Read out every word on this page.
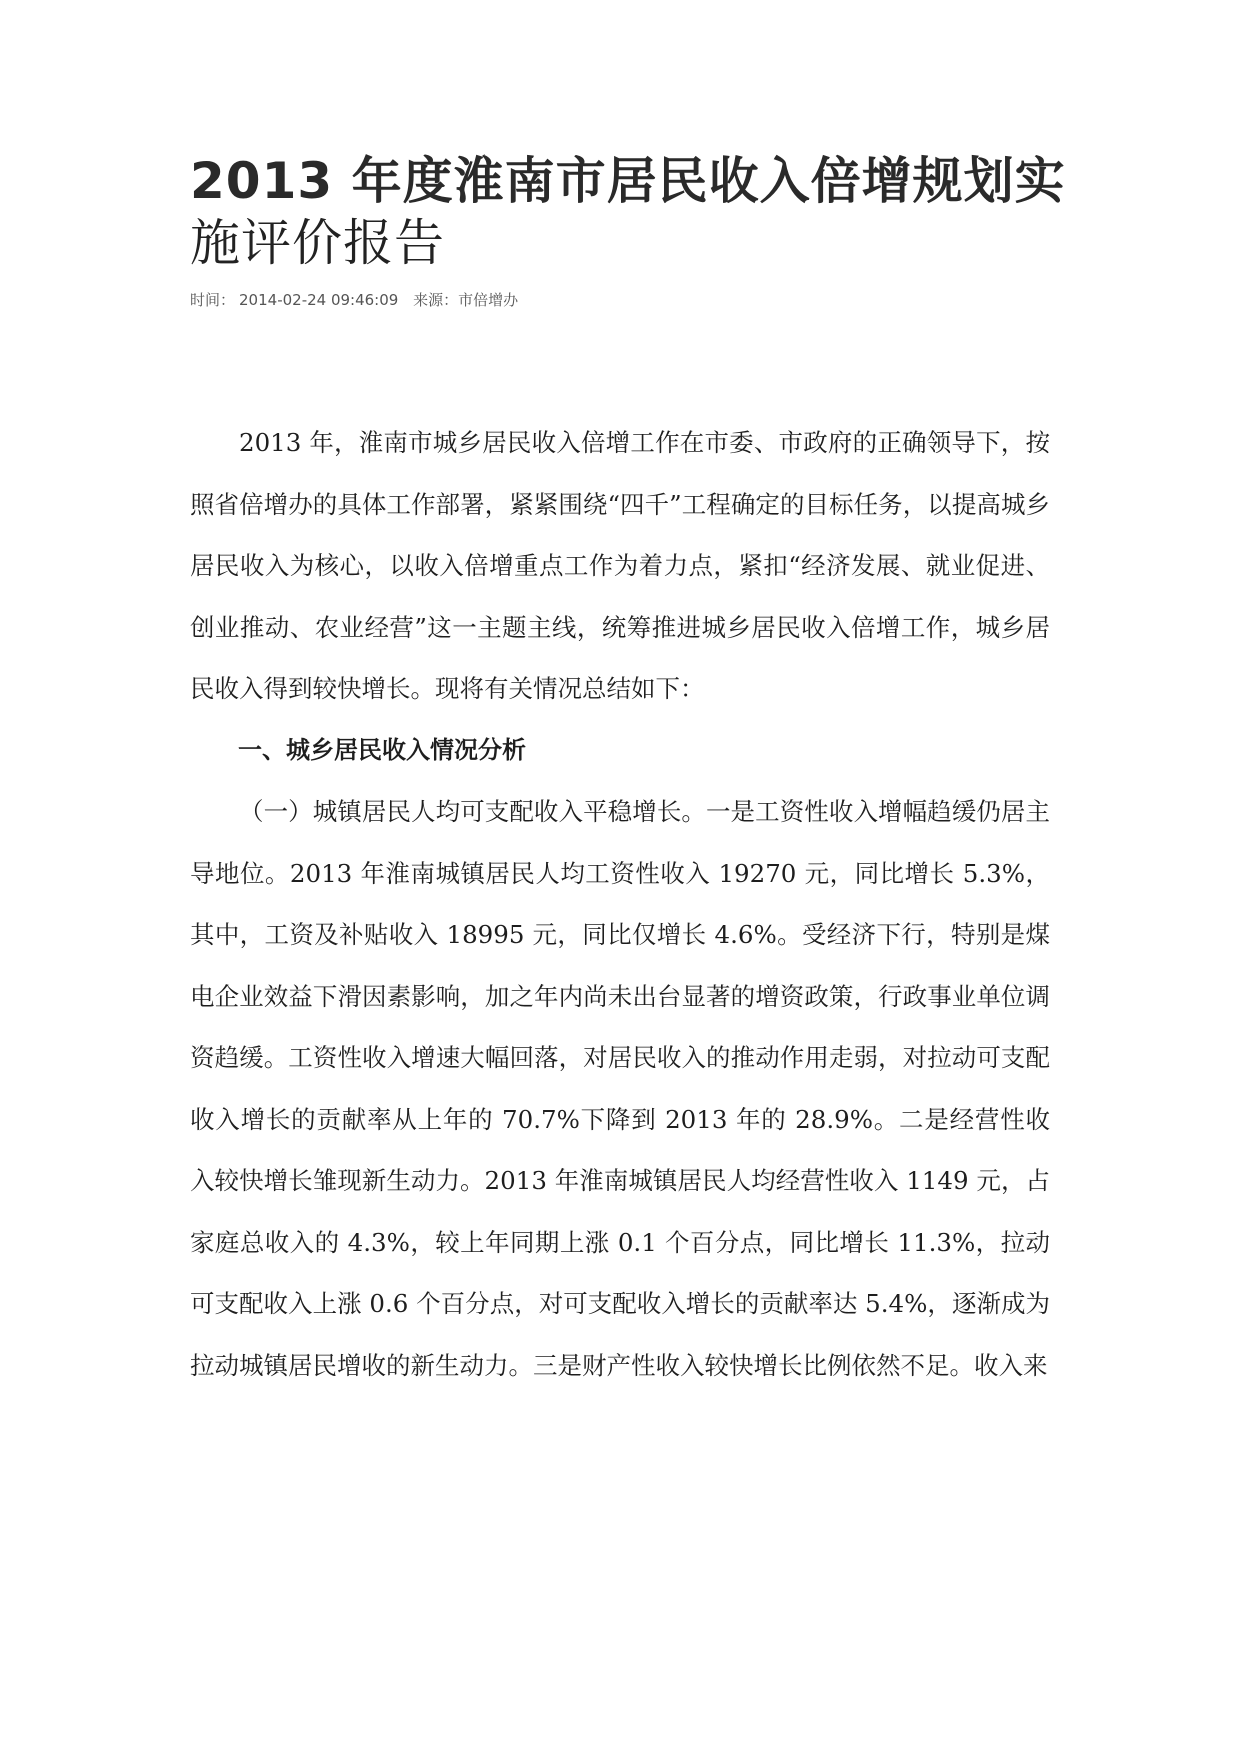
2013 年度淮南市居民收入倍增规划实
施评价报告
时间： 2014-02-24 09:46:09 来源：市倍增办

2013 年，淮南市城乡居民收入倍增工作在市委、市政府的正确领导下，按照省倍增办的具体工作部署，紧紧围绕“四千”工程确定的目标任务，以提高城乡居民收入为核心，以收入倍增重点工作为着力点，紧扣“经济发展、就业促进、创业推动、农业经营”这一主题主线，统筹推进城乡居民收入倍增工作，城乡居民收入得到较快增长。现将有关情况总结如下：

一、城乡居民收入情况分析

（一）城镇居民人均可支配收入平稳增长。一是工资性收入增幅趋缓仍居主导地位。2013 年淮南城镇居民人均工资性收入 19270 元，同比增长 5.3%，其中，工资及补贴收入 18995 元，同比仅增长 4.6%。受经济下行，特别是煤电企业效益下滑因素影响，加之年内尚未出台显著的增资政策，行政事业单位调资趋缓。工资性收入增速大幅回落，对居民收入的推动作用走弱，对拉动可支配收入增长的贡献率从上年的 70.7%下降到 2013 年的 28.9%。二是经营性收入较快增长雏现新生动力。2013 年淮南城镇居民人均经营性收入 1149 元，占家庭总收入的 4.3%，较上年同期上涨 0.1 个百分点，同比增长 11.3%，拉动可支配收入上涨 0.6 个百分点，对可支配收入增长的贡献率达 5.4%，逐渐成为拉动城镇居民增收的新生动力。三是财产性收入较快增长比例依然不足。收入来
